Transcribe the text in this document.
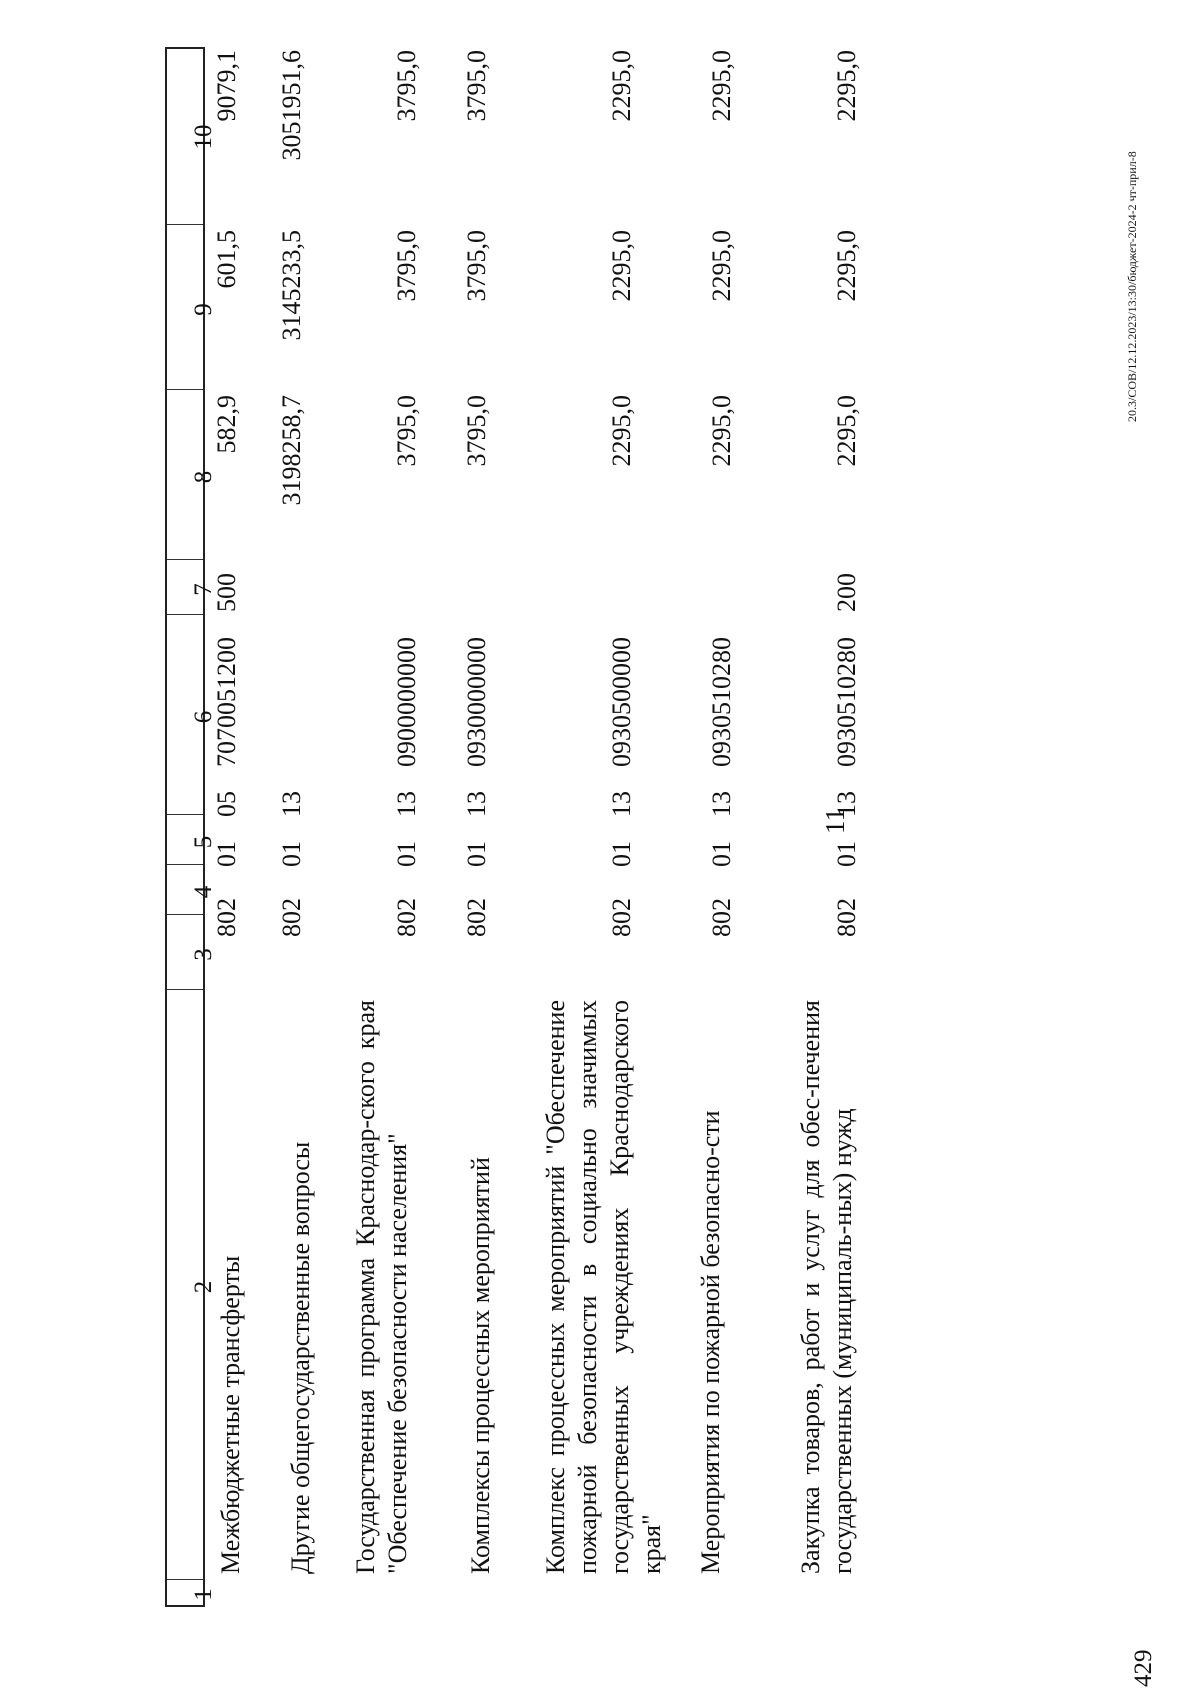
11
Межбюджетные трансферты
802
01
05
7070051200
500
582,9
601,5
9079,1
Другие общегосударственные вопросы
802
01
13
3198258,7
3145233,5
3051951,6
Государственная программа Краснодар-ского края "Обеспечение безопасности населения"
802
01
13
0900000000
3795,0
3795,0
3795,0
Комплексы процессных мероприятий
802
01
13
0930000000
3795,0
3795,0
3795,0
Комплекс процессных мероприятий "Обеспечение пожарной безопасности в социально значимых государственных учреждениях Краснодарского края"
802
01
13
0930500000
2295,0
2295,0
2295,0
Мероприятия по пожарной безопасно-сти
802
01
13
0930510280
2295,0
2295,0
2295,0
Закупка товаров, работ и услуг для обес-печения государственных (муниципаль-ных) нужд
802
01
13
0930510280
200
2295,0
2295,0
2295,0
20.3/СОВ/12.12.2023/13:30/бюджет-2024-2 чт-прил-8
429
1
2
3
4
5
6
7
8
9
10
